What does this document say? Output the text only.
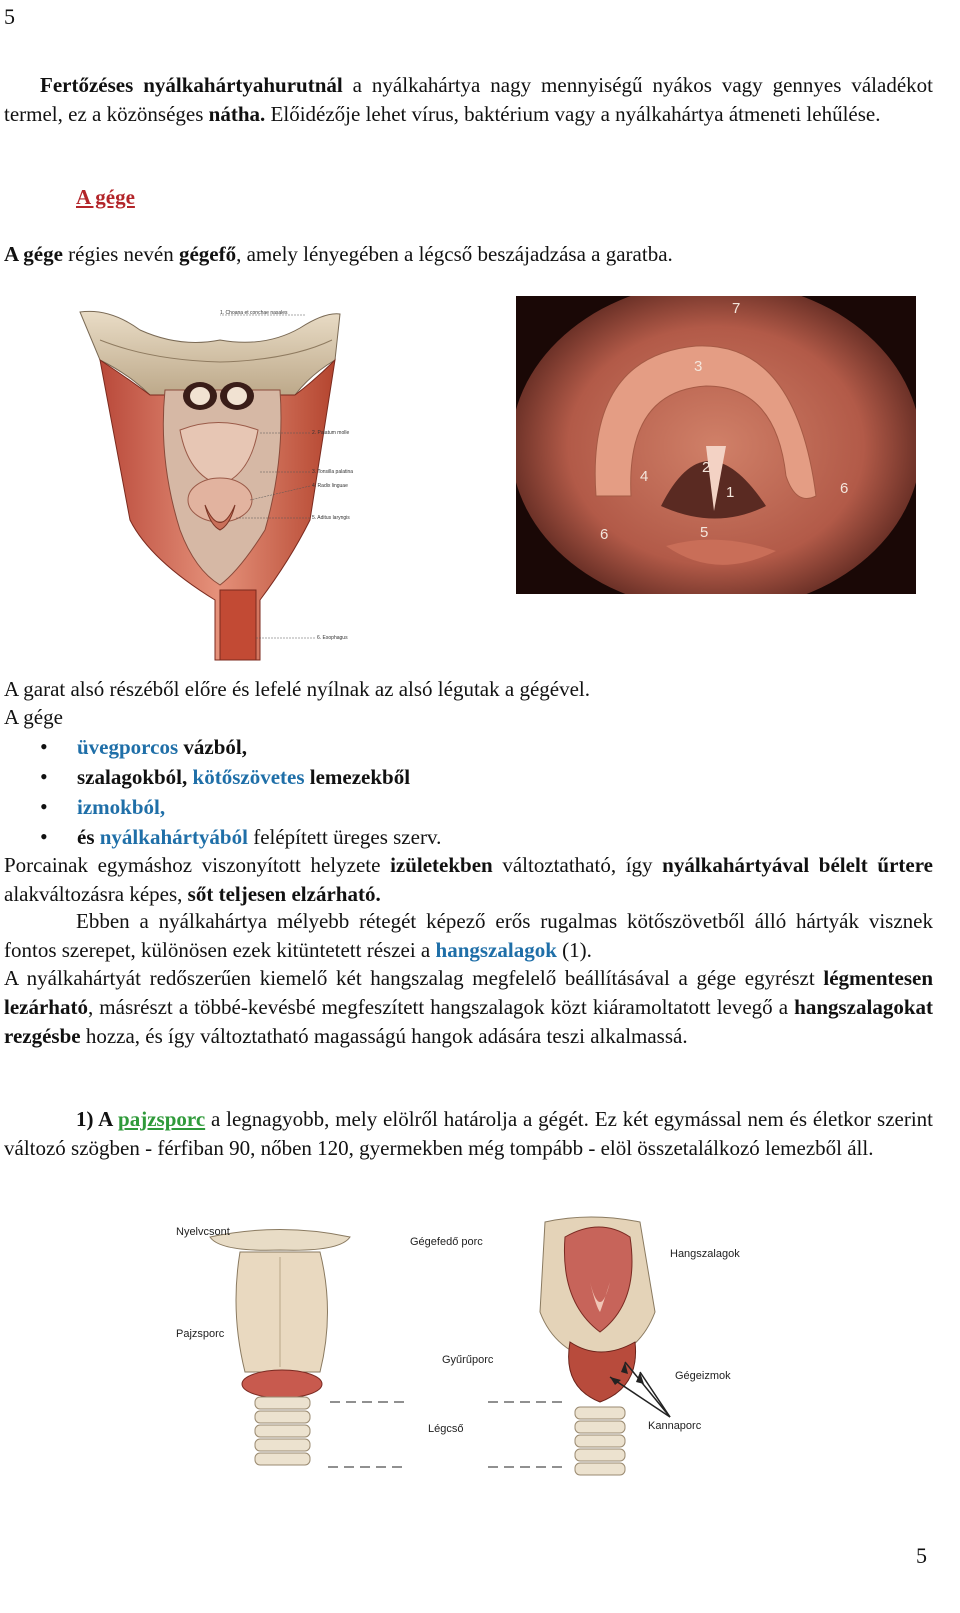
5
5
Fertőzéses nyálkahártyahurutnál a nyálkahártya nagy mennyiségű nyákos vagy gennyes váladékot termel, ez a közönséges nátha. Előidézője lehet vírus, baktérium vagy a nyálkahártya átmeneti lehűlése.
A gége
A gége régies nevén gégefő, amely lényegében a légcső beszájadzása a garatba.
1. Choana et conchae nasales
2. Palatum molle
3. Tonsilla palatina
4. Radix linguae
5. Aditus laryngis
6. Esophagus
7
3
4
2
1	6
6	5
A garat alsó részéből előre és lefelé nyílnak az alsó légutak a gégével.
A gége
• üvegporcos vázból,
• szalagokból, kötőszövetes lemezekből
• izmokból,
• és nyálkahártyából felépített üreges szerv.
Porcainak egymáshoz viszonyított helyzete izületekben változtatható, így nyálkahártyával bélelt űrtere alakváltozásra képes, sőt teljesen elzárható.
Ebben a nyálkahártya mélyebb rétegét képező erős rugalmas kötőszövetből álló hártyák visznek fontos szerepet, különösen ezek kitüntetett részei a hangszalagok (1).
A nyálkahártyát redőszerűen kiemelő két hangszalag megfelelő beállításával a gége egyrészt légmentesen lezárható, másrészt a többé-kevésbé megfeszített hangszalagok közt kiáramoltatott levegő a hangszalagokat rezgésbe hozza, és így változtatható magasságú hangok adására teszi alkalmassá.
1) A pajzsporc a legnagyobb, mely elölről határolja a gégét. Ez két egymással nem és életkor szerint változó szögben - férfiban 90, nőben 120, gyermekben még tompább - elöl összetalálkozó lemezből áll.
Nyelvcsont
Gégefedő porc
Hangszalagok
Pajzsporc
Gyűrűporc
Gégeizmok
Légcső	Kannaporc
